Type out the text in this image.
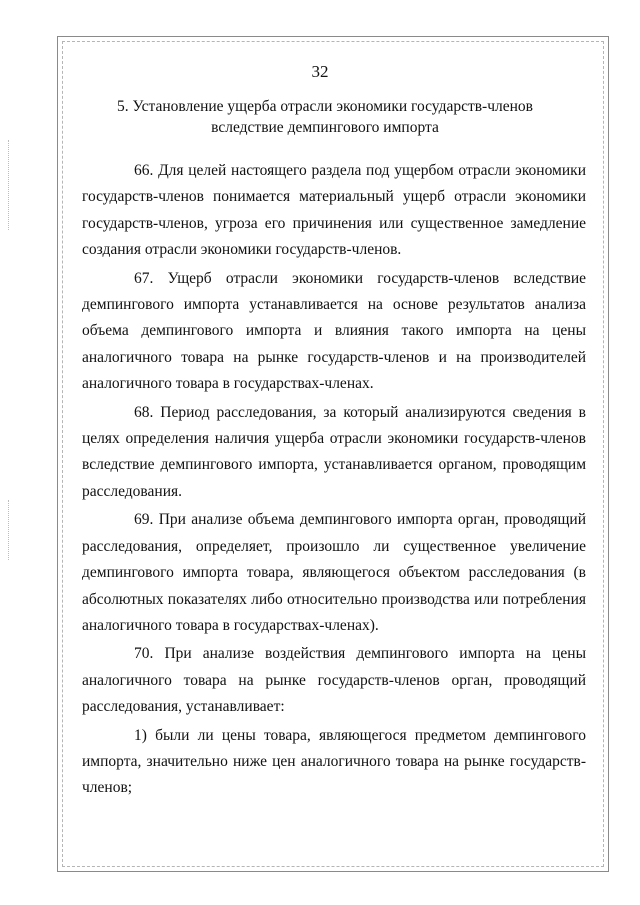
32
5. Установление ущерба отрасли экономики государств-членов вследствие демпингового импорта

66. Для целей настоящего раздела под ущербом отрасли экономики государств-членов понимается материальный ущерб отрасли экономики государств-членов, угроза его причинения или существенное замедление создания отрасли экономики государств-членов.

67. Ущерб отрасли экономики государств-членов вследствие демпингового импорта устанавливается на основе результатов анализа объема демпингового импорта и влияния такого импорта на цены аналогичного товара на рынке государств-членов и на производителей аналогичного товара в государствах-членах.

68. Период расследования, за который анализируются сведения в целях определения наличия ущерба отрасли экономики государств-членов вследствие демпингового импорта, устанавливается органом, проводящим расследования.

69. При анализе объема демпингового импорта орган, проводящий расследования, определяет, произошло ли существенное увеличение демпингового импорта товара, являющегося объектом расследования (в абсолютных показателях либо относительно производства или потребления аналогичного товара в государствах-членах).

70. При анализе воздействия демпингового импорта на цены аналогичного товара на рынке государств-членов орган, проводящий расследования, устанавливает:

1) были ли цены товара, являющегося предметом демпингового импорта, значительно ниже цен аналогичного товара на рынке государств-членов;
